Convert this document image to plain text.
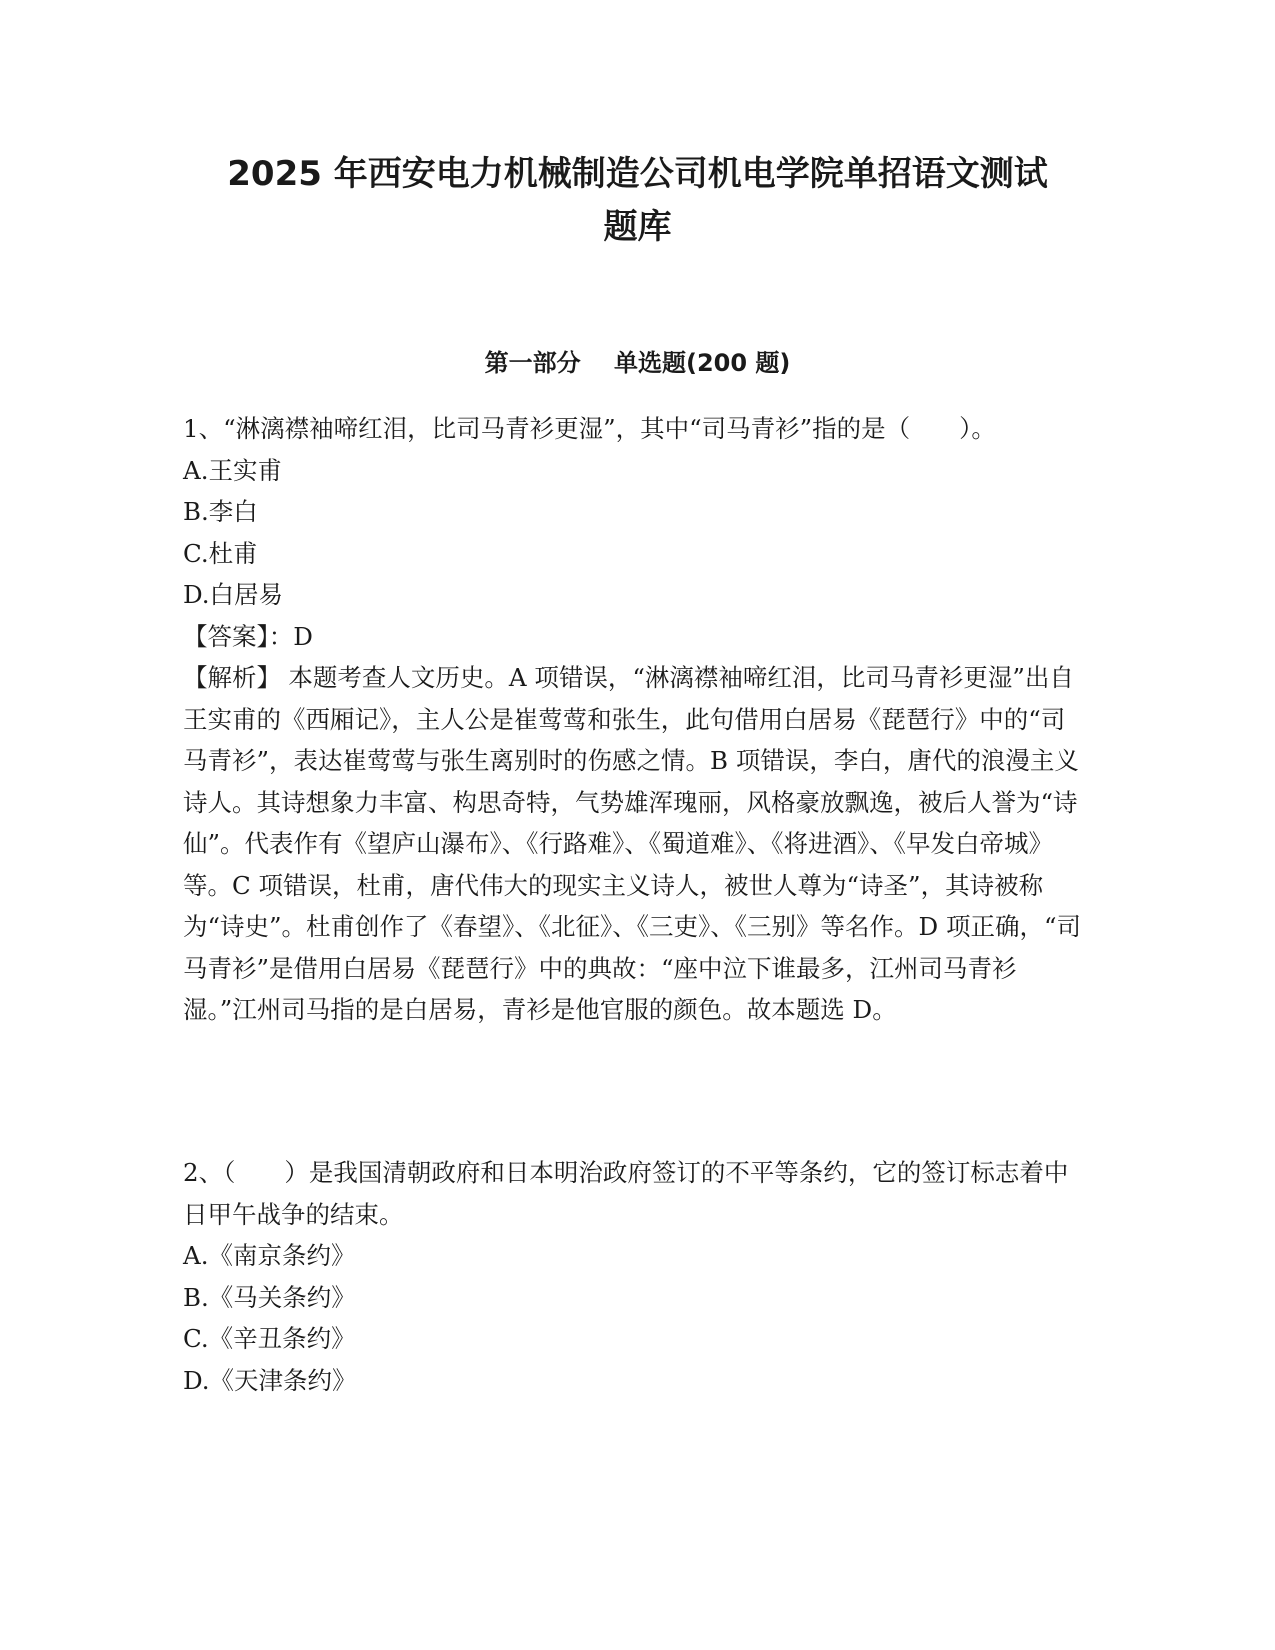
2025 年西安电力机械制造公司机电学院单招语文测试
题库
第一部分    单选题(200 题)

1、“淋漓襟袖啼红泪，比司马青衫更湿”，其中“司马青衫”指的是（　　）。

A.王实甫
B.李白
C.杜甫
D.白居易

【答案】：D

【解析】 本题考查人文历史。A 项错误，“淋漓襟袖啼红泪，比司马青衫更湿”出自王实甫的《西厢记》，主人公是崔莺莺和张生，此句借用白居易《琵琶行》中的“司马青衫”，表达崔莺莺与张生离别时的伤感之情。B 项错误，李白，唐代的浪漫主义诗人。其诗想象力丰富、构思奇特，气势雄浑瑰丽，风格豪放飘逸，被后人誉为“诗仙”。代表作有《望庐山瀑布》、《行路难》、《蜀道难》、《将进酒》、《早发白帝城》等。C 项错误，杜甫，唐代伟大的现实主义诗人，被世人尊为“诗圣”，其诗被称为“诗史”。杜甫创作了《春望》、《北征》、《三吏》、《三别》等名作。D 项正确，“司马青衫”是借用白居易《琵琶行》中的典故：“座中泣下谁最多，江州司马青衫湿。”江州司马指的是白居易，青衫是他官服的颜色。故本题选 D。

2、（　　）是我国清朝政府和日本明治政府签订的不平等条约，它的签订标志着中日甲午战争的结束。

A.《南京条约》
B.《马关条约》
C.《辛丑条约》
D.《天津条约》
